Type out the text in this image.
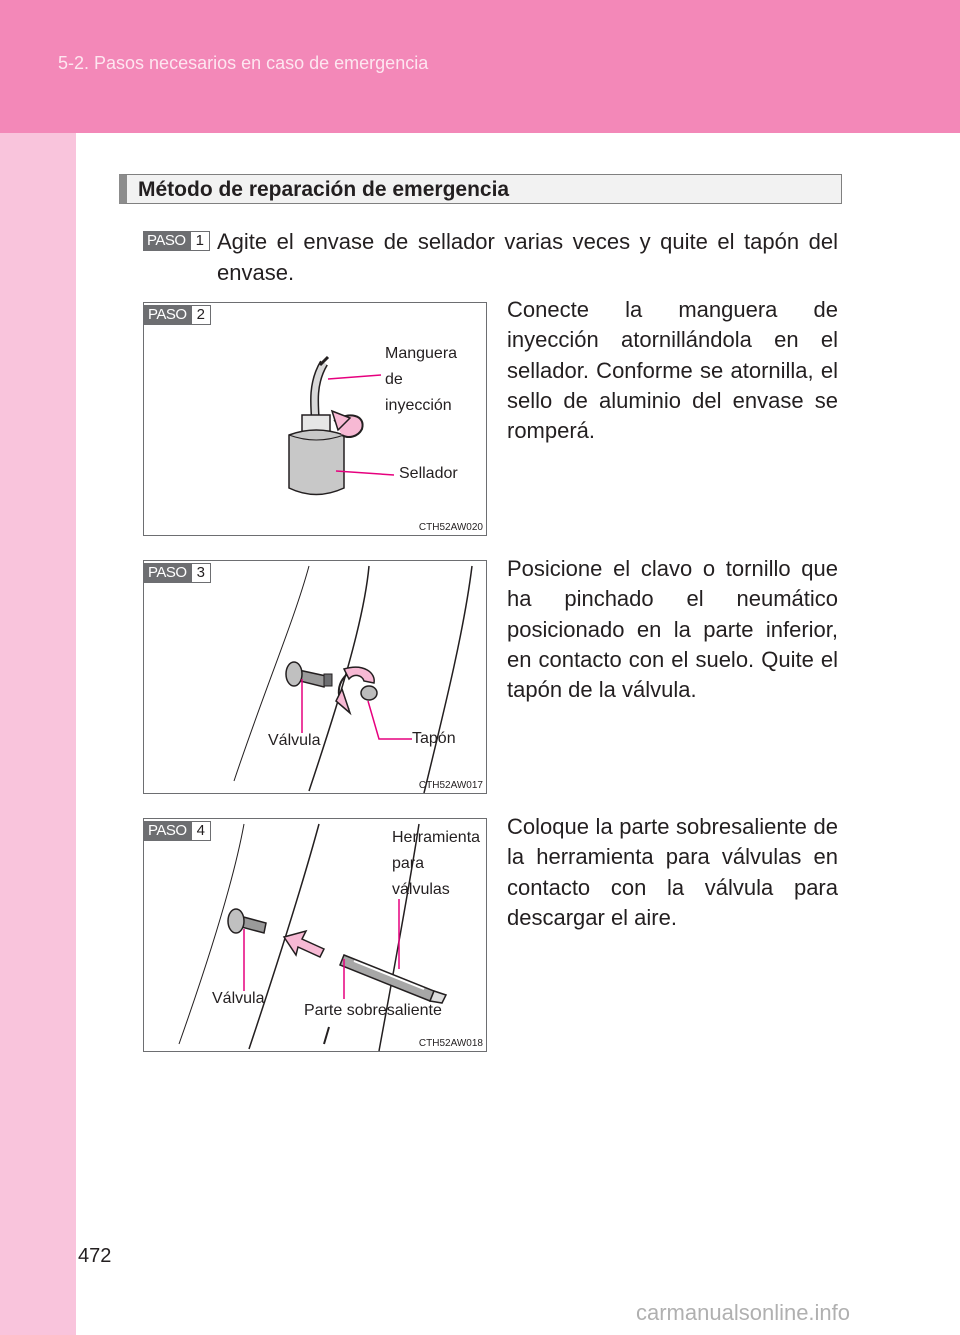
5-2. Pasos necesarios en caso de emergencia
472
Método de reparación de emergencia
PASO 1 Agite el envase de sellador varias veces y quite el tapón del
envase.
PASO 2
Manguera
de
inyección
Sellador
CTH52AW020
Conecte la manguera de inyección atornillándola en el sellador. Conforme se atornilla, el sello de aluminio del envase se romperá.
PASO 3
Válvula	Tapón
CTH52AW017
Posicione el clavo o tornillo que ha pinchado el neumático posicionado en la parte inferior, en contacto con el suelo. Quite el tapón de la válvula.
PASO 4	Herramienta
para
válvulas
Válvula
Parte sobresaliente
CTH52AW018
Coloque la parte sobresaliente de la herramienta para válvulas en contacto con la válvula para descargar el aire.
carmanualsonline.info
